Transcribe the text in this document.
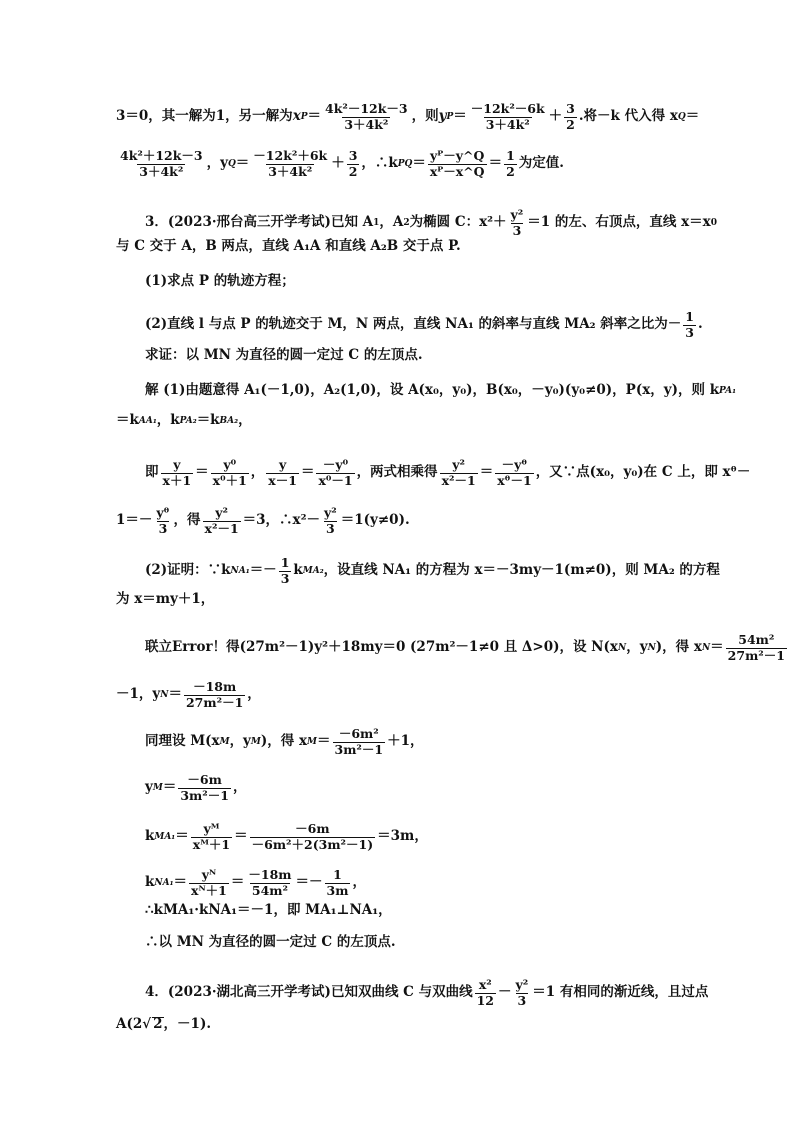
3＝0，其一解为1，另一解为 x $P = \frac{\text{4k²－12k－3}}{\text{3＋4k²}}$ ，则 y $P = \frac{\text{－12k²－6k}}{\text{3＋4k²}} + \frac{3}{2}$ .将－k 代入得 x Q ＝
$\frac{\text{4k²＋12k－3}}{\text{3＋4k²}}$ ，y $Q = \frac{\text{－12k²＋6k}}{\text{3＋4k²}} + \frac{3}{2}$ ，∴k PQ ＝ $\frac{\text{yᴾ－y\textasciicircum{}Q}}{\text{xᴾ－x\textasciicircum{}Q}} = \frac{1}{2}$ 为定值.
3．(2023·邢台高三开学考试)已知 A 1 ，A 2 为椭圆 C：$x^2+ \frac{\text{y²}}{3} =1$ 的左、右顶点，直线 x＝x 0
与 C 交于 A，B 两点，直线 A₁A 和直线 A₂B 交于点 P.
(1)求点 P 的轨迹方程；
(2)直线 l 与点 P 的轨迹交于 M，N 两点，直线 NA₁ 的斜率与直线 MA₂ 斜率之比为－ $\frac{1}{3}$ .
求证：以 MN 为直径的圆一定过 C 的左顶点.
解 (1)由题意得 A₁(－1,0)，A₂(1,0)，设 A(x₀，y₀)，B(x₀，－y₀)(y₀≠0)，P(x，y)，则 k PA₁
＝k AA₁ ，k PA₂ ＝k BA₂ ，
即 $\frac{y}{x+1} = \frac{\text{y⁰}}{\text{x⁰＋1}}$ ， $\frac{y}{x-1} = \frac{\text{－y⁰}}{\text{x⁰－1}}$ ，两式相乘得 $\frac{\text{y²}}{\text{x²－1}} = \frac{\text{－yᶿ}}{\text{xᶿ－1}}$ ，又∵点(x₀，y₀)在 C 上，即 xᶿ－
$1=- \frac{\text{yᶿ}}{3}$ ，得 $\frac{\text{y²}}{\text{x²－1}} =3$，∴x²－ $\frac{\text{y²}}{3} =1(y\ne 0)$.
(2)证明：∵k $NA_1 =- \frac{1}{3}$ k MA₂ ，设直线 NA₁ 的方程为 x＝－3my－1(m≠0)，则 MA₂ 的方程
为 x＝my＋1，
联立Error！得(27m²－1)y²＋18my＝0 (27m²－1≠0 且 Δ>0)，设 N(x N ，y N )，得 x $N = \frac{\text{54m²}}{\text{27m²－1}}$
－1，y $N = \frac{-18m}{\text{27m²－1}}$ ，
同理设 M(x M ，y M )，得 x $M = \frac{\text{－6m²}}{\text{3m²－1}} +1$，
y $M = \frac{-6m}{\text{3m²－1}}$ ，
k $MA_1 = \frac{\text{yᴹ}}{\text{xᴹ＋1}} = \frac{-6m}{\text{－6m²＋2(3m²－1)}} =3m$，
k $NA_1 = \frac{\text{yᴺ}}{\text{xᴺ＋1}} = \frac{-18m}{\text{54m²}} =- \frac{1}{3m}$ ，
∴kMA₁·kNA₁＝－1，即 MA₁⊥NA₁，
∴以 MN 为直径的圆一定过 C 的左顶点.
4．(2023·湖北高三开学考试)已知双曲线 C 与双曲线 $\frac{\text{x²}}{12} - \frac{\text{y²}}{3} =1$ 有相同的渐近线，且过点
A(2 √ 2 ，－1).
